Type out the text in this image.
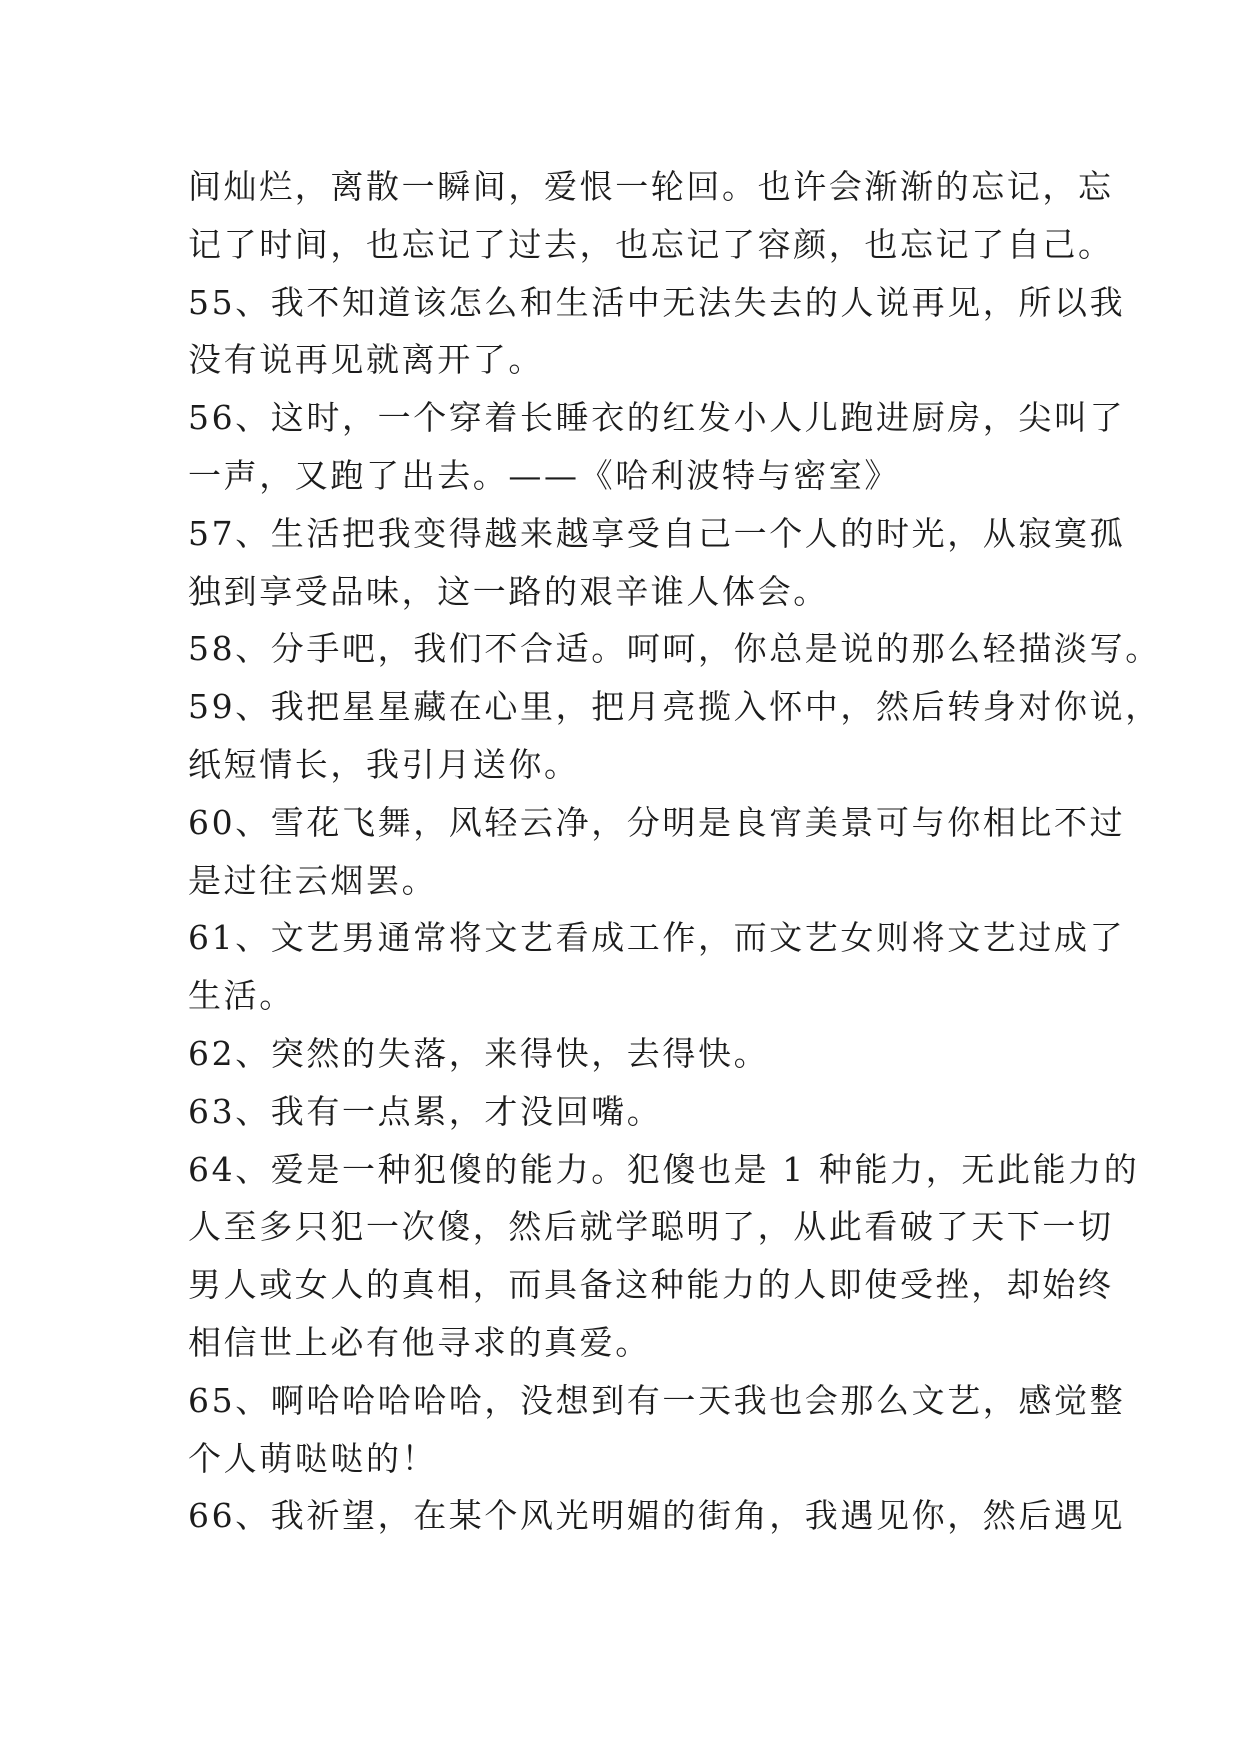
间灿烂，离散一瞬间，爱恨一轮回。也许会渐渐的忘记，忘
记了时间，也忘记了过去，也忘记了容颜，也忘记了自己。
55、我不知道该怎么和生活中无法失去的人说再见，所以我
没有说再见就离开了。
56、这时，一个穿着长睡衣的红发小人儿跑进厨房，尖叫了
一声，又跑了出去。——《哈利波特与密室》
57、生活把我变得越来越享受自己一个人的时光，从寂寞孤
独到享受品味，这一路的艰辛谁人体会。
58、分手吧，我们不合适。呵呵，你总是说的那么轻描淡写。
59、我把星星藏在心里，把月亮揽入怀中，然后转身对你说，
纸短情长，我引月送你。
60、雪花飞舞，风轻云净，分明是良宵美景可与你相比不过
是过往云烟罢。
61、文艺男通常将文艺看成工作，而文艺女则将文艺过成了
生活。
62、突然的失落，来得快，去得快。
63、我有一点累，才没回嘴。
64、爱是一种犯傻的能力。犯傻也是 1 种能力，无此能力的
人至多只犯一次傻，然后就学聪明了，从此看破了天下一切
男人或女人的真相，而具备这种能力的人即使受挫，却始终
相信世上必有他寻求的真爱。
65、啊哈哈哈哈哈，没想到有一天我也会那么文艺，感觉整
个人萌哒哒的！
66、我祈望，在某个风光明媚的街角，我遇见你，然后遇见
